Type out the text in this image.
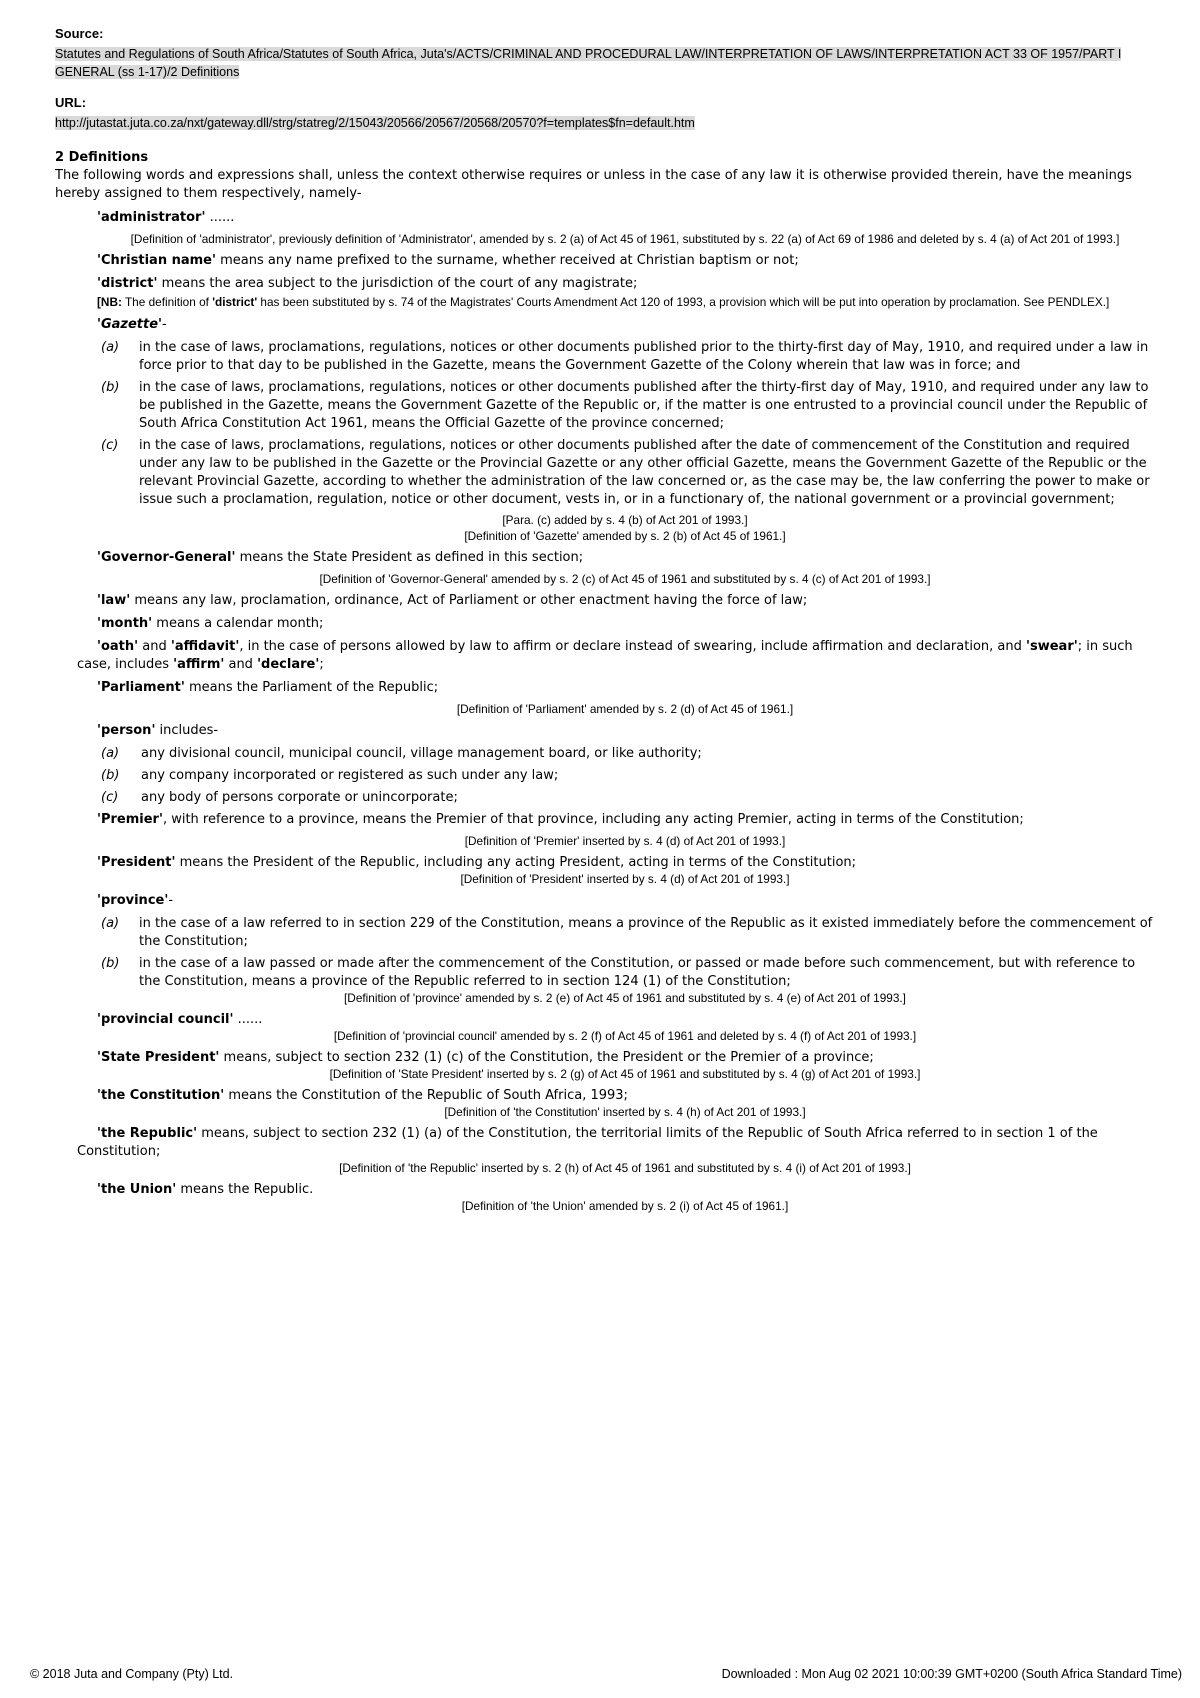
Source:
Statutes and Regulations of South Africa/Statutes of South Africa, Juta's/ACTS/CRIMINAL AND PROCEDURAL LAW/INTERPRETATION OF LAWS/INTERPRETATION ACT 33 OF 1957/PART I GENERAL (ss 1-17)/2 Definitions
URL:
http://jutastat.juta.co.za/nxt/gateway.dll/strg/statreg/2/15043/20566/20567/20568/20570?f=templates$fn=default.htm
2 Definitions
The following words and expressions shall, unless the context otherwise requires or unless in the case of any law it is otherwise provided therein, have the meanings hereby assigned to them respectively, namely-
'administrator' ......
[Definition of 'administrator', previously definition of 'Administrator', amended by s. 2 (a) of Act 45 of 1961, substituted by s. 22 (a) of Act 69 of 1986 and deleted by s. 4 (a) of Act 201 of 1993.]
'Christian name' means any name prefixed to the surname, whether received at Christian baptism or not;
'district' means the area subject to the jurisdiction of the court of any magistrate;
[NB: The definition of 'district' has been substituted by s. 74 of the Magistrates' Courts Amendment Act 120 of 1993, a provision which will be put into operation by proclamation. See PENDLEX.]
'Gazette'-
(a)	in the case of laws, proclamations, regulations, notices or other documents published prior to the thirty-first day of May, 1910, and required under a law in force prior to that day to be published in the Gazette, means the Government Gazette of the Colony wherein that law was in force; and
(b)	in the case of laws, proclamations, regulations, notices or other documents published after the thirty-first day of May, 1910, and required under any law to be published in the Gazette, means the Government Gazette of the Republic or, if the matter is one entrusted to a provincial council under the Republic of South Africa Constitution Act 1961, means the Official Gazette of the province concerned;
(c)	in the case of laws, proclamations, regulations, notices or other documents published after the date of commencement of the Constitution and required under any law to be published in the Gazette or the Provincial Gazette or any other official Gazette, means the Government Gazette of the Republic or the relevant Provincial Gazette, according to whether the administration of the law concerned or, as the case may be, the law conferring the power to make or issue such a proclamation, regulation, notice or other document, vests in, or in a functionary of, the national government or a provincial government;
[Para. (c) added by s. 4 (b) of Act 201 of 1993.]
[Definition of 'Gazette' amended by s. 2 (b) of Act 45 of 1961.]
'Governor-General' means the State President as defined in this section;
[Definition of 'Governor-General' amended by s. 2 (c) of Act 45 of 1961 and substituted by s. 4 (c) of Act 201 of 1993.]
'law' means any law, proclamation, ordinance, Act of Parliament or other enactment having the force of law;
'month' means a calendar month;
'oath' and 'affidavit', in the case of persons allowed by law to affirm or declare instead of swearing, include affirmation and declaration, and 'swear'; in such case, includes 'affirm' and 'declare';
'Parliament' means the Parliament of the Republic;
[Definition of 'Parliament' amended by s. 2 (d) of Act 45 of 1961.]
'person' includes-
(a)	any divisional council, municipal council, village management board, or like authority;
(b)	any company incorporated or registered as such under any law;
(c)	any body of persons corporate or unincorporate;
'Premier', with reference to a province, means the Premier of that province, including any acting Premier, acting in terms of the Constitution;
[Definition of 'Premier' inserted by s. 4 (d) of Act 201 of 1993.]
'President' means the President of the Republic, including any acting President, acting in terms of the Constitution;
[Definition of 'President' inserted by s. 4 (d) of Act 201 of 1993.]
'province'-
(a)	in the case of a law referred to in section 229 of the Constitution, means a province of the Republic as it existed immediately before the commencement of the Constitution;
(b)	in the case of a law passed or made after the commencement of the Constitution, or passed or made before such commencement, but with reference to the Constitution, means a province of the Republic referred to in section 124 (1) of the Constitution;
[Definition of 'province' amended by s. 2 (e) of Act 45 of 1961 and substituted by s. 4 (e) of Act 201 of 1993.]
'provincial council' ......
[Definition of 'provincial council' amended by s. 2 (f) of Act 45 of 1961 and deleted by s. 4 (f) of Act 201 of 1993.]
'State President' means, subject to section 232 (1) (c) of the Constitution, the President or the Premier of a province;
[Definition of 'State President' inserted by s. 2 (g) of Act 45 of 1961 and substituted by s. 4 (g) of Act 201 of 1993.]
'the Constitution' means the Constitution of the Republic of South Africa, 1993;
[Definition of 'the Constitution' inserted by s. 4 (h) of Act 201 of 1993.]
'the Republic' means, subject to section 232 (1) (a) of the Constitution, the territorial limits of the Republic of South Africa referred to in section 1 of the Constitution;
[Definition of 'the Republic' inserted by s. 2 (h) of Act 45 of 1961 and substituted by s. 4 (i) of Act 201 of 1993.]
'the Union' means the Republic.
[Definition of 'the Union' amended by s. 2 (i) of Act 45 of 1961.]
© 2018 Juta and Company (Pty) Ltd.	Downloaded : Mon Aug 02 2021 10:00:39 GMT+0200 (South Africa Standard Time)
